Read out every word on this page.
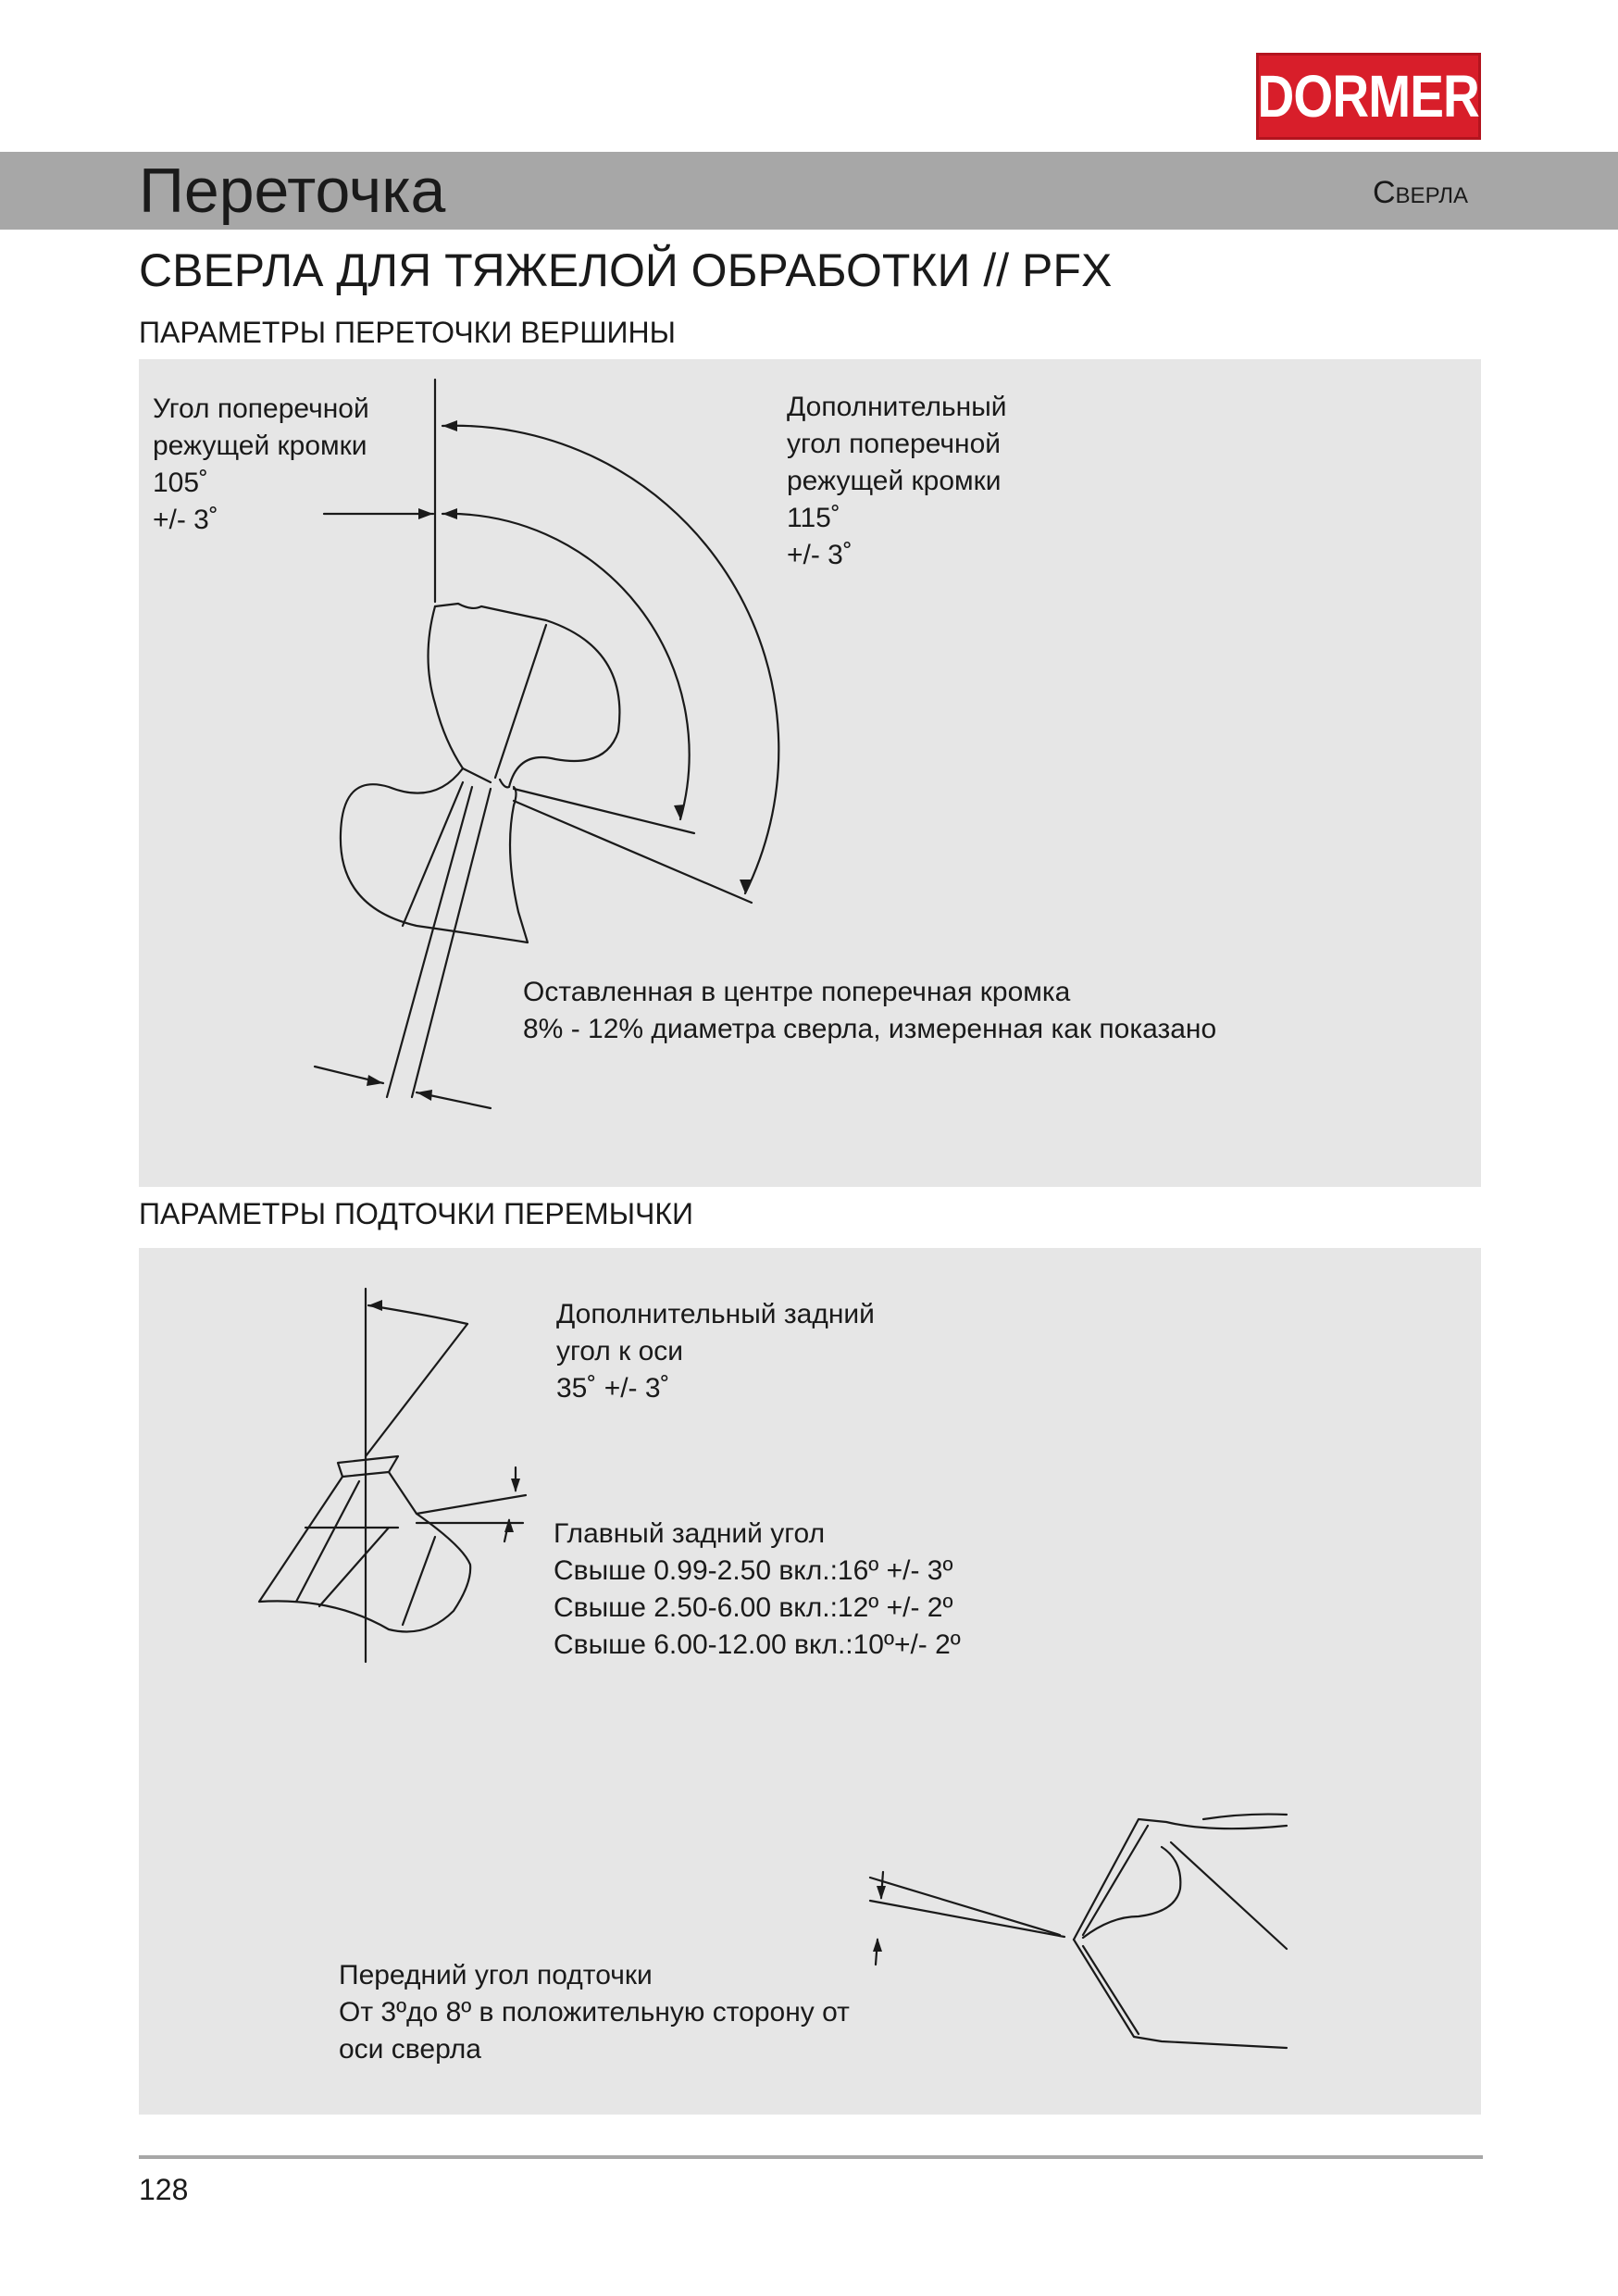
DORMER
Переточка	Сверла
СВЕРЛА ДЛЯ ТЯЖЕЛОЙ ОБРАБОТКИ // PFX
ПАРАМЕТРЫ ПЕРЕТОЧКИ ВЕРШИНЫ
Угол поперечной
режущей кромки
105˚
+/- 3˚
Дополнительный
угол поперечной
режущей кромки
115˚
+/- 3˚
Оставленная в центре поперечная кромка
8% - 12% диаметра сверла, измеренная как показано
ПАРАМЕТРЫ ПОДТОЧКИ ПЕРЕМЫЧКИ
Дополнительный задний
угол к оси
35˚ +/- 3˚
Главный задний угол
Свыше 0.99-2.50 вкл.:16º +/- 3º
Свыше 2.50-6.00 вкл.:12º +/- 2º
Свыше 6.00-12.00 вкл.:10º+/- 2º
Передний угол подточки
От 3ºдо 8º в положительную сторону от
оси сверла
128
